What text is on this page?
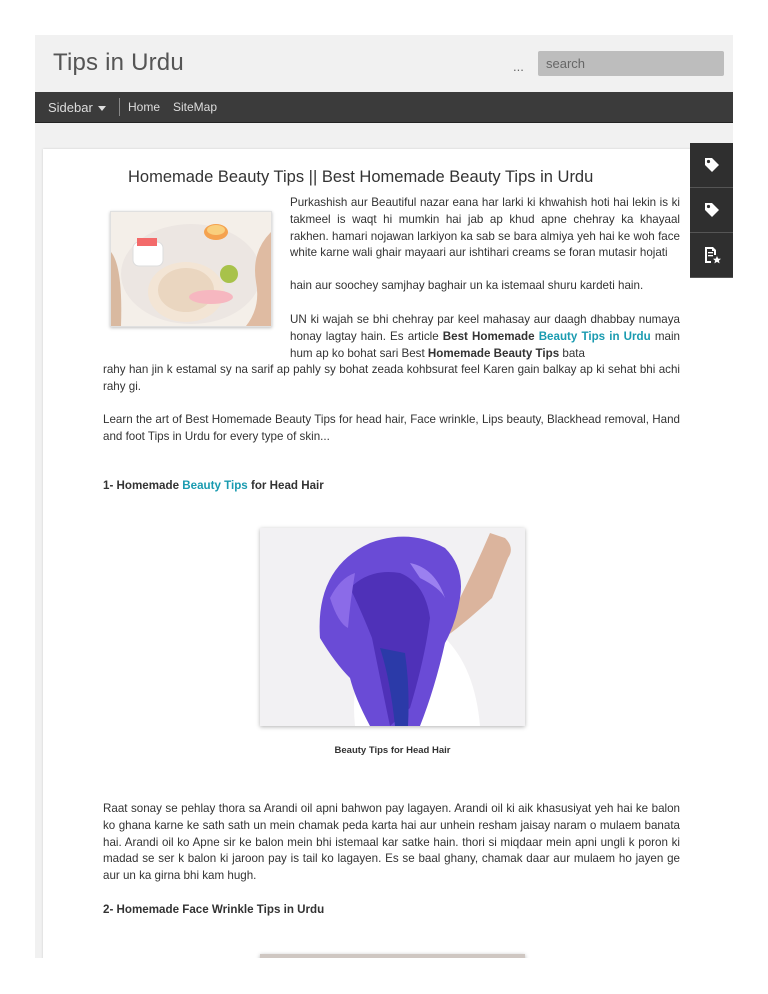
Tips in Urdu	...
search
Sidebar	Home SiteMap
Homemade Beauty Tips || Best Homemade Beauty Tips in Urdu

Purkashish aur Beautiful nazar eana har larki ki khwahish hoti hai lekin is ki takmeel is waqt hi mumkin hai jab ap khud apne chehray ka khayaal rakhen. hamari nojawan larkiyon ka sab se bara almiya yeh hai ke woh face white karne wali ghair mayaari aur ishtihari creams se foran mutasir hojati

hain aur soochey samjhay baghair un ka istemaal shuru kardeti hain.

UN ki wajah se bhi chehray par keel mahasay aur daagh dhabbay numaya honay lagtay hain. Es article Best Homemade Beauty Tips in Urdu main hum ap ko bohat sari Best Homemade Beauty Tips bata

rahy han jin k estamal sy na sarif ap pahly sy bohat zeada kohbsurat feel Karen gain balkay ap ki sehat bhi achi rahy gi.

Learn the art of Best Homemade Beauty Tips for head hair, Face wrinkle, Lips beauty, Blackhead removal, Hand and foot Tips in Urdu for every type of skin...

1- Homemade Beauty Tips for Head Hair

Beauty Tips for Head Hair

Raat sonay se pehlay thora sa Arandi oil apni bahwon pay lagayen. Arandi oil ki aik khasusiyat yeh hai ke balon ko ghana karne ke sath sath un mein chamak peda karta hai aur unhein resham jaisay naram o mulaem banata hai. Arandi oil ko Apne sir ke balon mein bhi istemaal kar satke hain. thori si miqdaar mein apni ungli k poron ki madad se ser k balon ki jaroon pay is tail ko lagayen. Es se baal ghany, chamak daar aur mulaem ho jayen ge aur un ka girna bhi kam hugh.

2- Homemade Face Wrinkle Tips in Urdu
